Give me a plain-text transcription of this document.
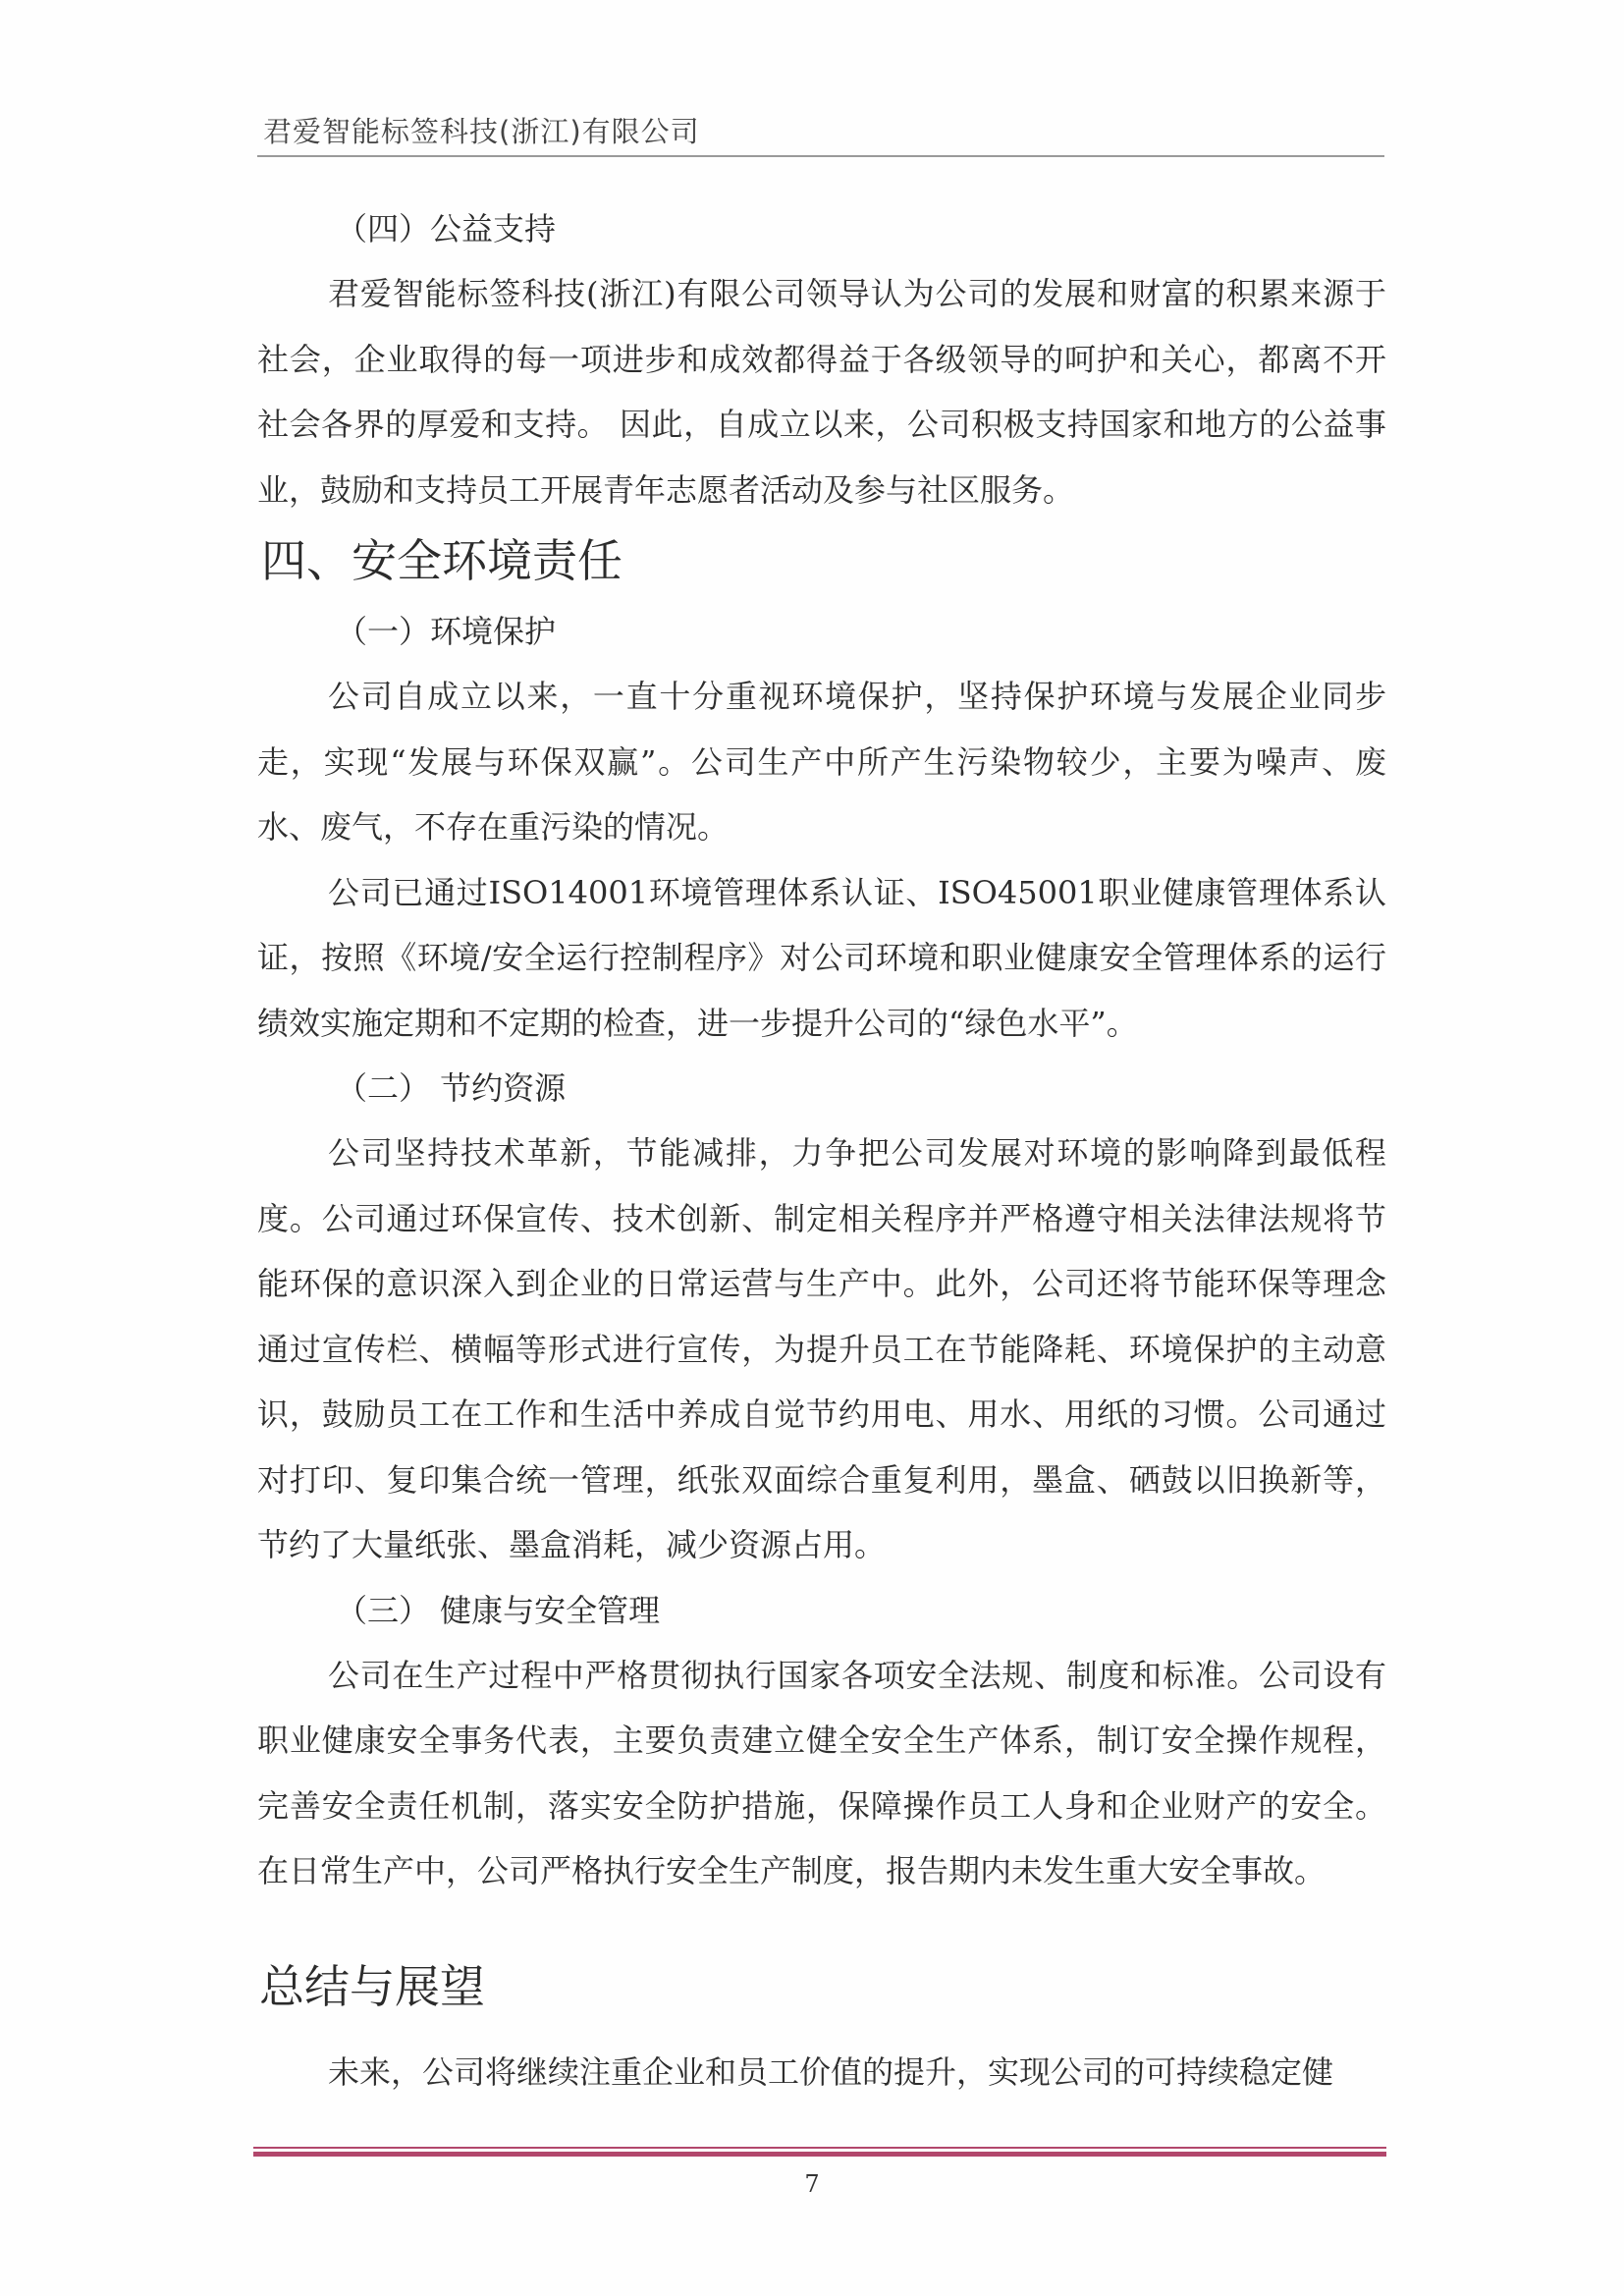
君爱智能标签科技(浙江)有限公司
（四）公益支持

君爱智能标签科技(浙江)有限公司领导认为公司的发展和财富的积累来源于社会，企业取得的每一项进步和成效都得益于各级领导的呵护和关心，都离不开社会各界的厚爱和支持。 因此，自成立以来，公司积极支持国家和地方的公益事业，鼓励和支持员工开展青年志愿者活动及参与社区服务。

四、安全环境责任
（一）环境保护

公司自成立以来，一直十分重视环境保护，坚持保护环境与发展企业同步走，实现“发展与环保双赢”。公司生产中所产生污染物较少，主要为噪声、废水、废气，不存在重污染的情况。

公司已通过ISO14001环境管理体系认证、ISO45001职业健康管理体系认证，按照《环境/安全运行控制程序》对公司环境和职业健康安全管理体系的运行绩效实施定期和不定期的检查，进一步提升公司的“绿色水平”。

（二） 节约资源

公司坚持技术革新，节能减排，力争把公司发展对环境的影响降到最低程度。公司通过环保宣传、技术创新、制定相关程序并严格遵守相关法律法规将节能环保的意识深入到企业的日常运营与生产中。此外，公司还将节能环保等理念通过宣传栏、横幅等形式进行宣传，为提升员工在节能降耗、环境保护的主动意识，鼓励员工在工作和生活中养成自觉节约用电、用水、用纸的习惯。公司通过对打印、复印集合统一管理，纸张双面综合重复利用，墨盒、硒鼓以旧换新等，节约了大量纸张、墨盒消耗，减少资源占用。

（三） 健康与安全管理

公司在生产过程中严格贯彻执行国家各项安全法规、制度和标准。公司设有职业健康安全事务代表，主要负责建立健全安全生产体系，制订安全操作规程，完善安全责任机制，落实安全防护措施，保障操作员工人身和企业财产的安全。在日常生产中，公司严格执行安全生产制度，报告期内未发生重大安全事故。

总结与展望

未来，公司将继续注重企业和员工价值的提升，实现公司的可持续稳定健

7
